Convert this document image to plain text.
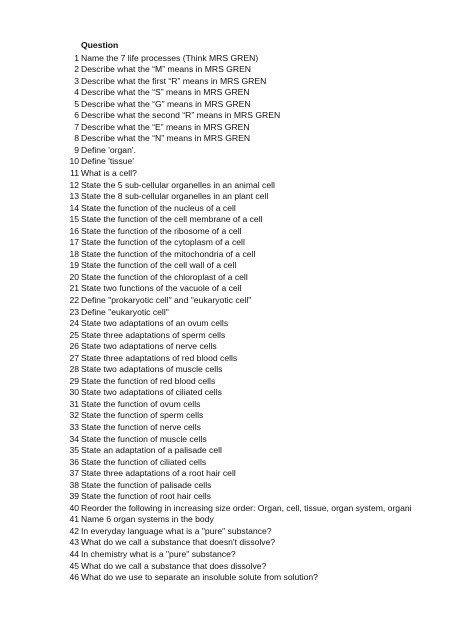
Question
1 Name the 7 life processes (Think MRS GREN)
2 Describe what the “M” means in MRS GREN
3 Describe what the first “R” means in MRS GREN
4 Describe what the “S” means in MRS GREN
5 Describe what the “G” means in MRS GREN
6 Describe what the second “R” means in MRS GREN
7 Describe what the “E” means in MRS GREN
8 Describe what the “N” means in MRS GREN
9 Define 'organ'.
10 Define 'tissue'
11 What is a cell?
12 State the 5 sub-cellular organelles in an animal cell
13 State the 8 sub-cellular organelles in an plant cell
14 State the function of the nucleus of a cell
15 State the function of the cell membrane of a cell
16 State the function of the ribosome of a cell
17 State the function of the cytoplasm of a cell
18 State the function of the mitochondria of a cell
19 State the function of the cell wall of a cell
20 State the function of the chloroplast of a cell
21 State two functions of the vacuole of a cell
22 Define "prokaryotic cell" and "eukaryotic cell"
23 Define "eukaryotic cell"
24 State two adaptations of an ovum cells
25 State three adaptations of sperm cells
26 State two adaptations of nerve cells
27 State three adaptations of red blood cells
28 State two adaptations of muscle cells
29 State the function of red blood cells
30 State two adaptations of ciliated cells
31 State the function of ovum cells
32 State the function of sperm cells
33 State the function of nerve cells
34 State the function of muscle cells
35 State an adaptation of a palisade cell
36 State the function of ciliated cells
37 State three adaptations of a root hair cell
38 State the function of palisade cells
39 State the function of root hair cells
40 Reorder the following in increasing size order: Organ, cell, tissue, organ system, organi
41 Name 6 organ systems in the body
42 In everyday language what is a "pure" substance?
43 What do we call a substance that doesn't dissolve?
44 In chemistry what is a "pure" substance?
45 What do we call a substance that does dissolve?
46 What do we use to separate an insoluble solute from solution?
